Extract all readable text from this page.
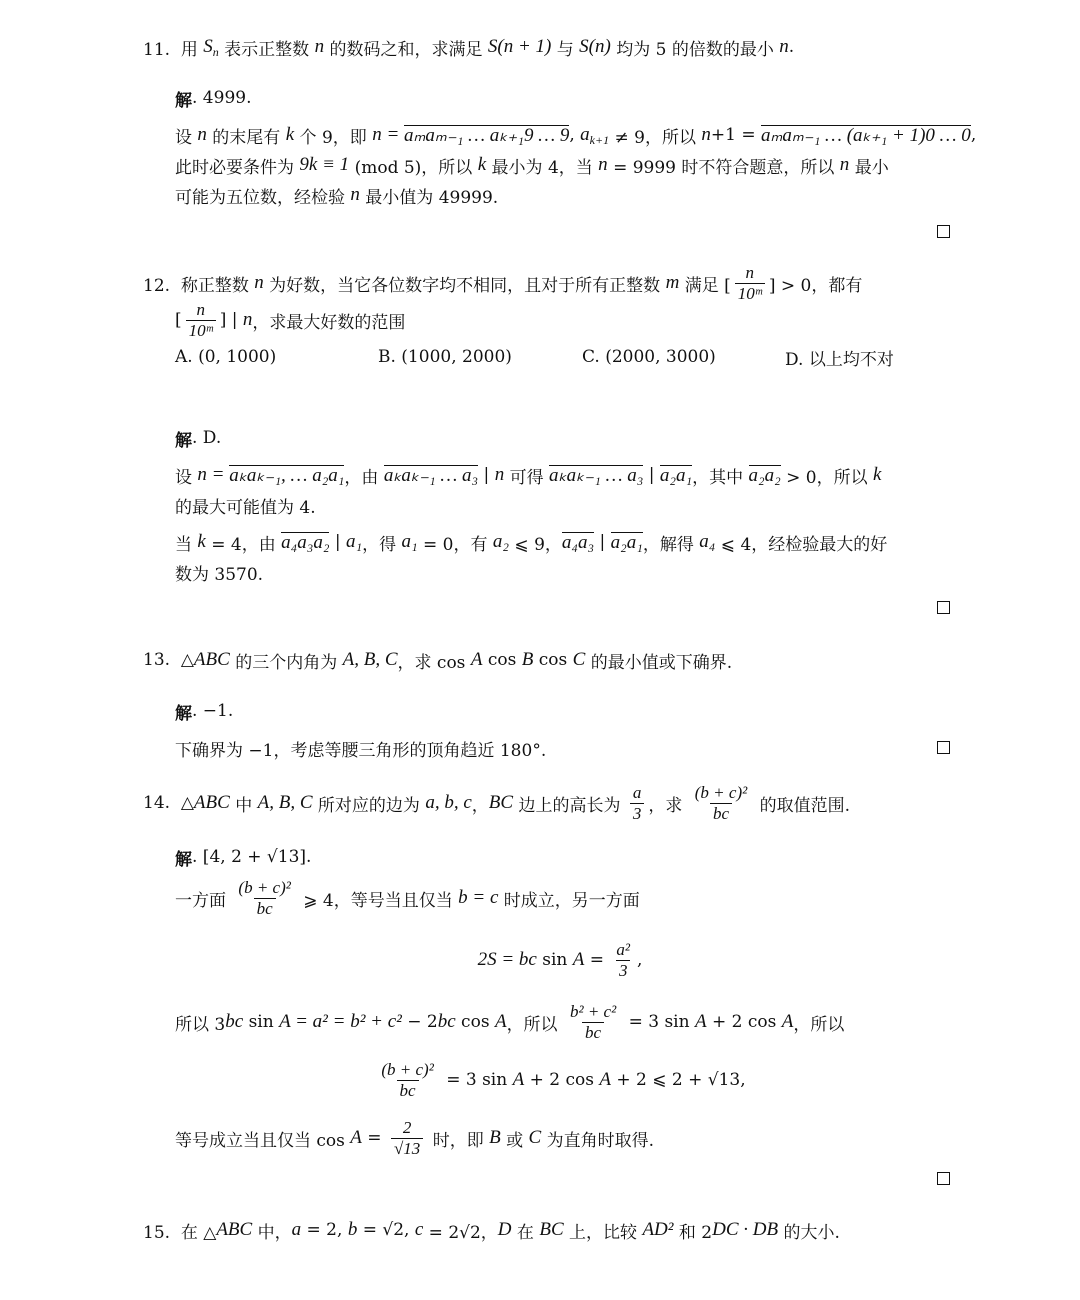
11.  用 S n 表示正整数 n 的数码之和，求满足 S(n + 1) 与 S(n) 均为 5 的倍数的最小 n .
解 . 4999.
设 n 的末尾有 k 个 9，即 n = aₘaₘ₋₁ … aₖ₊₁9 … 9 , a k+1 ≠ 9，所以 n +1 = aₘaₘ₋₁ … (aₖ₊₁ + 1)0 … 0 ,
此时必要条件为 9k ≡ 1 (mod 5)，所以 k 最小为 4，当 n = 9999 时不符合题意，所以 n 最小
可能为五位数，经检验 n 最小值为 49999.
12.  称正整数 n 为好数，当它各位数字均不相同，且对于所有正整数 m 满足 [ $\frac{n}{\text{10ᵐ}}$ ] > 0，都有
[ $\frac{n}{\text{10ᵐ}}$ ] | n ，求最大好数的范围
A. (0, 1000)	B. (1000, 2000)	C. (2000, 3000)	D. 以上均不对
解 . D.
设 n = aₖaₖ₋₁, … a₂a₁ ，由 aₖaₖ₋₁ … a₃ | n 可得 aₖaₖ₋₁ … a₃ | a₂a₁ ，其中 a₂a₂ > 0，所以 k
的最大可能值为 4.
当 k = 4，由 a₄a₃a₂ | a₁ ，得 a₁ = 0，有 a₂ ⩽ 9， a₄a₃ | a₂a₁ ，解得 a₄ ⩽ 4，经检验最大的好
数为 3570.
13.  △ ABC 的三个内角为 A, B, C ，求 cos A cos B cos C 的最小值或下确界.
解 . −1.
下确界为 −1，考虑等腰三角形的顶角趋近 180°.
14.  △ ABC 中 A, B, C 所对应的边为 a, b, c ， BC 边上的高长为 $\frac{a}{3}$ ，求 $\frac{\text{(b + c)²}}{bc}$ 的取值范围.
解 . [4, 2 + √13].
一方面 $\frac{\text{(b + c)²}}{bc}$ ⩾ 4，等号当且仅当 b = c 时成立，另一方面
2S = bc $\sin A = \frac{\text{a²}}{3}$ ,
所以 3 bc sin A = a² = b² + c² − 2 bc cos A ，所以 $\frac{\text{b² + c²}}{bc} = 3$ sin A + 2 cos A ，所以
$\frac{\text{(b + c)²}}{bc} = 3$ sin A + 2 cos A + 2 ⩽ 2 + √13,
等号成立当且仅当 $\cos A = \frac{2}{√13}$ 时，即 B 或 C 为直角时取得.
15.  在 △ ABC 中， a = 2, b = √2, c = 2√2， D 在 BC 上，比较 AD² 和 2 DC · DB 的大小.
